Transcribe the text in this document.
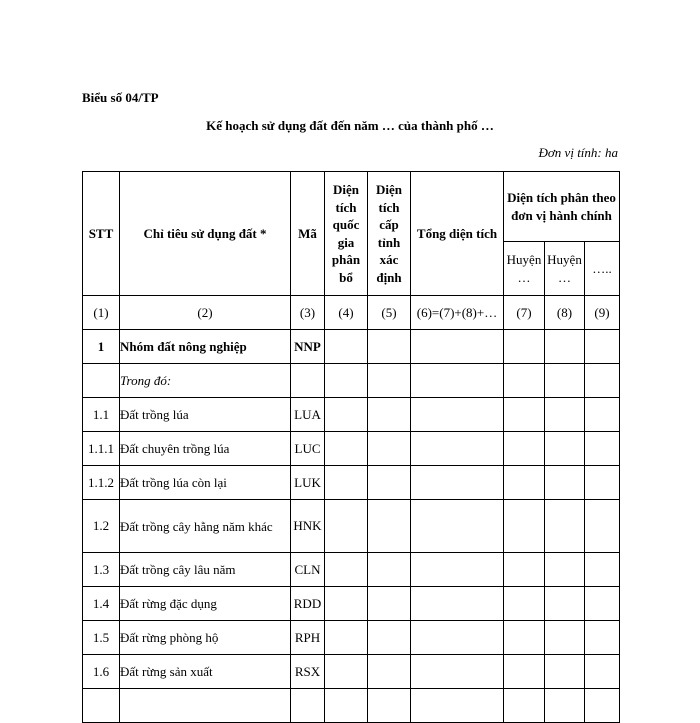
Biểu số 04/TP
Kế hoạch sử dụng đất đến năm … của thành phố …
Đơn vị tính: ha
STT	Chỉ tiêu sử dụng đất *	Mã	Diện tích quốc gia phân bổ	Diện tích cấp tỉnh xác định	Tổng diện tích	Diện tích phân theo đơn vị hành chính		
						Huyện …	Huyện …	…..
(1)	(2)	(3)	(4)	(5)	(6)=(7)+(8)+…	(7)	(8)	(9)
1	Nhóm đất nông nghiệp	NNP						
	Trong đó:							
1.1	Đất trồng lúa	LUA						
1.1.1	Đất chuyên trồng lúa	LUC						
1.1.2	Đất trồng lúa còn lại	LUK						
1.2	Đất trồng cây hằng năm khác	HNK						
1.3	Đất trồng cây lâu năm	CLN						
1.4	Đất rừng đặc dụng	RDD						
1.5	Đất rừng phòng hộ	RPH						
1.6	Đất rừng sản xuất	RSX						
